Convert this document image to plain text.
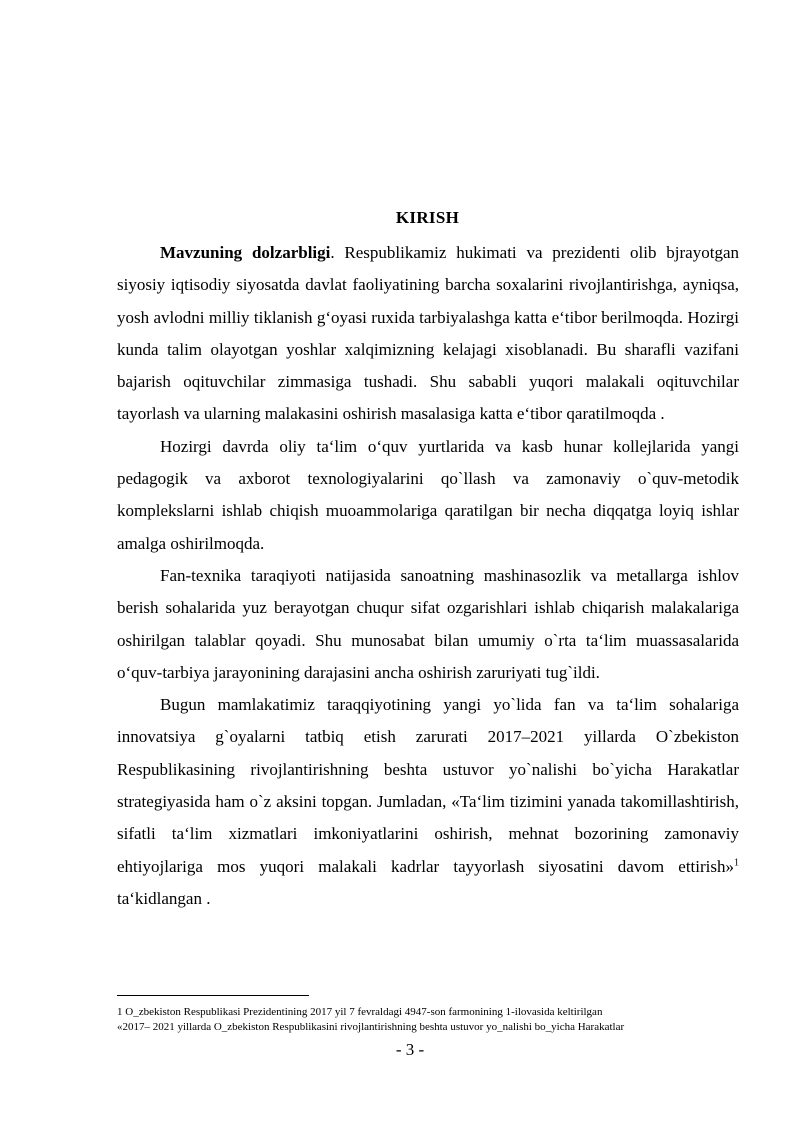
KIRISH

Mavzuning dolzarbligi. Respublikamiz hukimati va prezidenti olib bjrayotgan siyosiy iqtisodiy siyosatda davlat faoliyatining barcha soxalarini rivojlantirishga, ayniqsa, yosh avlodni milliy tiklanish g‘oyasi ruxida tarbiyalashga katta e‘tibor berilmoqda. Hozirgi kunda talim olayotgan yoshlar xalqimizning kelajagi xisoblanadi. Bu sharafli vazifani bajarish oqituvchilar zimmasiga tushadi. Shu sababli yuqori malakali oqituvchilar tayorlash va ularning malakasini oshirish masalasiga katta e‘tibor qaratilmoqda .

Hozirgi davrda oliy ta‘lim o‘quv yurtlarida va kasb hunar kollejlarida yangi pedagogik va axborot texnologiyalarini qo`llash va zamonaviy o`quv-metodik komplekslarni ishlab chiqish muoammolariga qaratilgan bir necha diqqatga loyiq ishlar amalga oshirilmoqda.

Fan-texnika taraqiyoti natijasida sanoatning mashinasozlik va metallarga ishlov berish sohalarida yuz berayotgan chuqur sifat ozgarishlari ishlab chiqarish malakalariga oshirilgan talablar qoyadi. Shu munosabat bilan umumiy o`rta ta‘lim muassasalarida o‘quv-tarbiya jarayonining darajasini ancha oshirish zaruriyati tug`ildi.

Bugun mamlakatimiz taraqqiyotining yangi yo`lida fan va ta‘lim sohalariga innovatsiya g`oyalarni tatbiq etish zarurati 2017–2021 yillarda O`zbekiston Respublikasining rivojlantirishning beshta ustuvor yo`nalishi bo`yicha Harakatlar strategiyasida ham o`z aksini topgan. Jumladan, «Ta‘lim tizimini yanada takomillashtirish, sifatli ta‘lim xizmatlari imkoniyatlarini oshirish, mehnat bozorining zamonaviy ehtiyojlariga mos yuqori malakali kadrlar tayyorlash siyosatini davom ettirish»$^1$ ta‘kidlangan .

1 O_zbekiston Respublikasi Prezidentining 2017 yil 7 fevraldagi 4947-son farmonining 1-ilovasida keltirilgan
«2017– 2021 yillarda O_zbekiston Respublikasini rivojlantirishning beshta ustuvor yo_nalishi bo_yicha Harakatlar
- 3 -
